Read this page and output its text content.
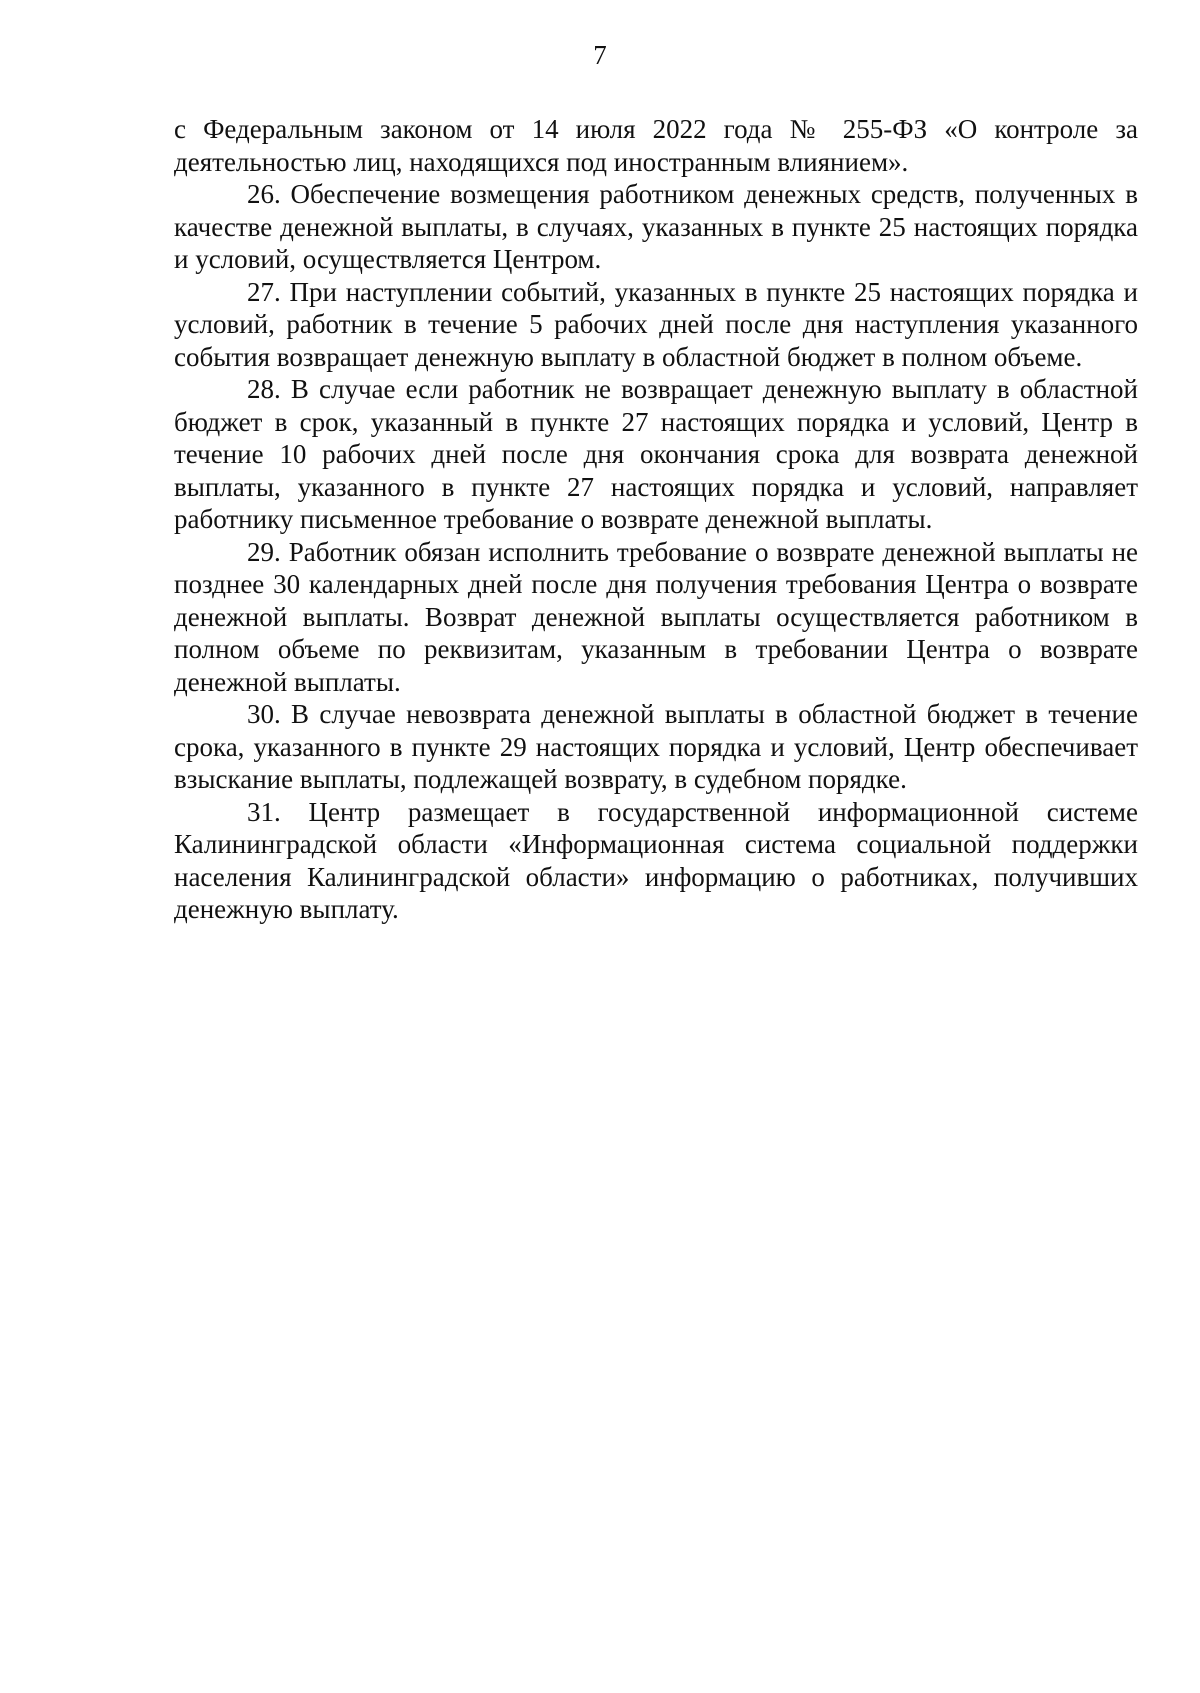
7

с Федеральным законом от 14 июля 2022 года № 255-ФЗ «О контроле за деятельностью лиц, находящихся под иностранным влиянием».

26. Обеспечение возмещения работником денежных средств, полученных в качестве денежной выплаты, в случаях, указанных в пункте 25 настоящих порядка и условий, осуществляется Центром.

27. При наступлении событий, указанных в пункте 25 настоящих порядка и условий, работник в течение 5 рабочих дней после дня наступления указанного события возвращает денежную выплату в областной бюджет в полном объеме.

28. В случае если работник не возвращает денежную выплату в областной бюджет в срок, указанный в пункте 27 настоящих порядка и условий, Центр в течение 10 рабочих дней после дня окончания срока для возврата денежной выплаты, указанного в пункте 27 настоящих порядка и условий, направляет работнику письменное требование о возврате денежной выплаты.

29. Работник обязан исполнить требование о возврате денежной выплаты не позднее 30 календарных дней после дня получения требования Центра о возврате денежной выплаты. Возврат денежной выплаты осуществляется работником в полном объеме по реквизитам, указанным в требовании Центра о возврате денежной выплаты.

30. В случае невозврата денежной выплаты в областной бюджет в течение срока, указанного в пункте 29 настоящих порядка и условий, Центр обеспечивает взыскание выплаты, подлежащей возврату, в судебном порядке.

31. Центр размещает в государственной информационной системе Калининградской области «Информационная система социальной поддержки населения Калининградской области» информацию о работниках, получивших денежную выплату.
